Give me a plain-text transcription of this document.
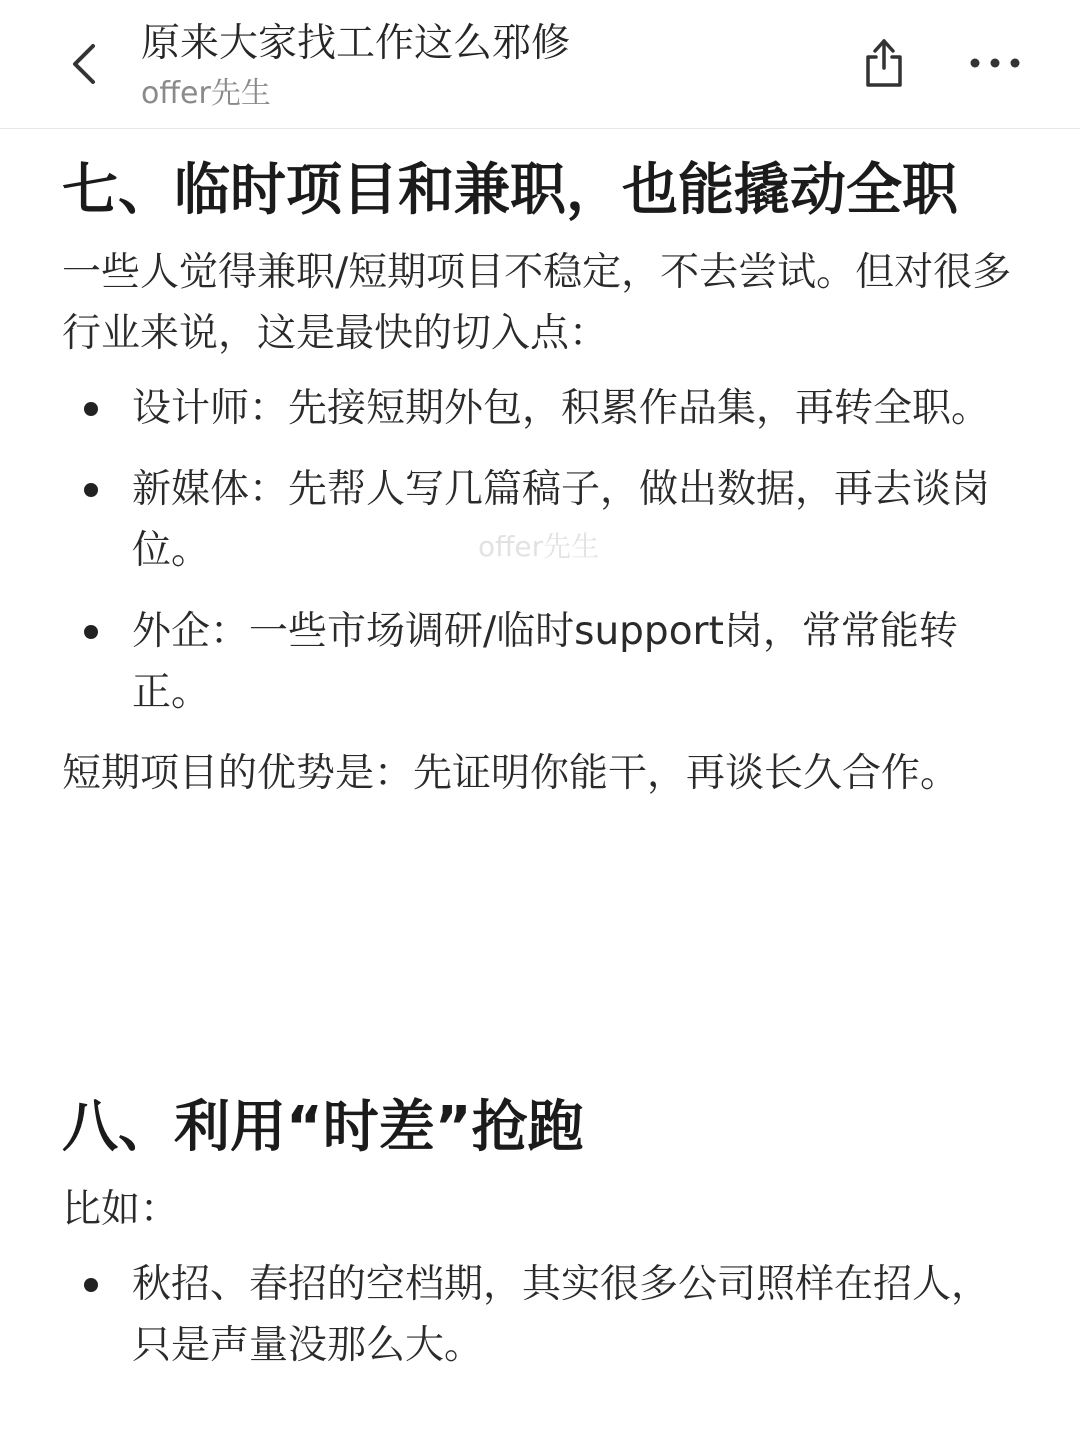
原来大家找工作这么邪修
offer先生
七、临时项目和兼职，也能撬动全职

一些人觉得兼职/短期项目不稳定，不去尝试。但对很多行业来说，这是最快的切入点：

设计师：先接短期外包，积累作品集，再转全职。
新媒体：先帮人写几篇稿子，做出数据，再去谈岗位。
外企：一些市场调研/临时support岗，常常能转正。

短期项目的优势是：先证明你能干，再谈长久合作。

offer先生
八、利用“时差”抢跑

比如：

秋招、春招的空档期，其实很多公司照样在招人，只是声量没那么大。
